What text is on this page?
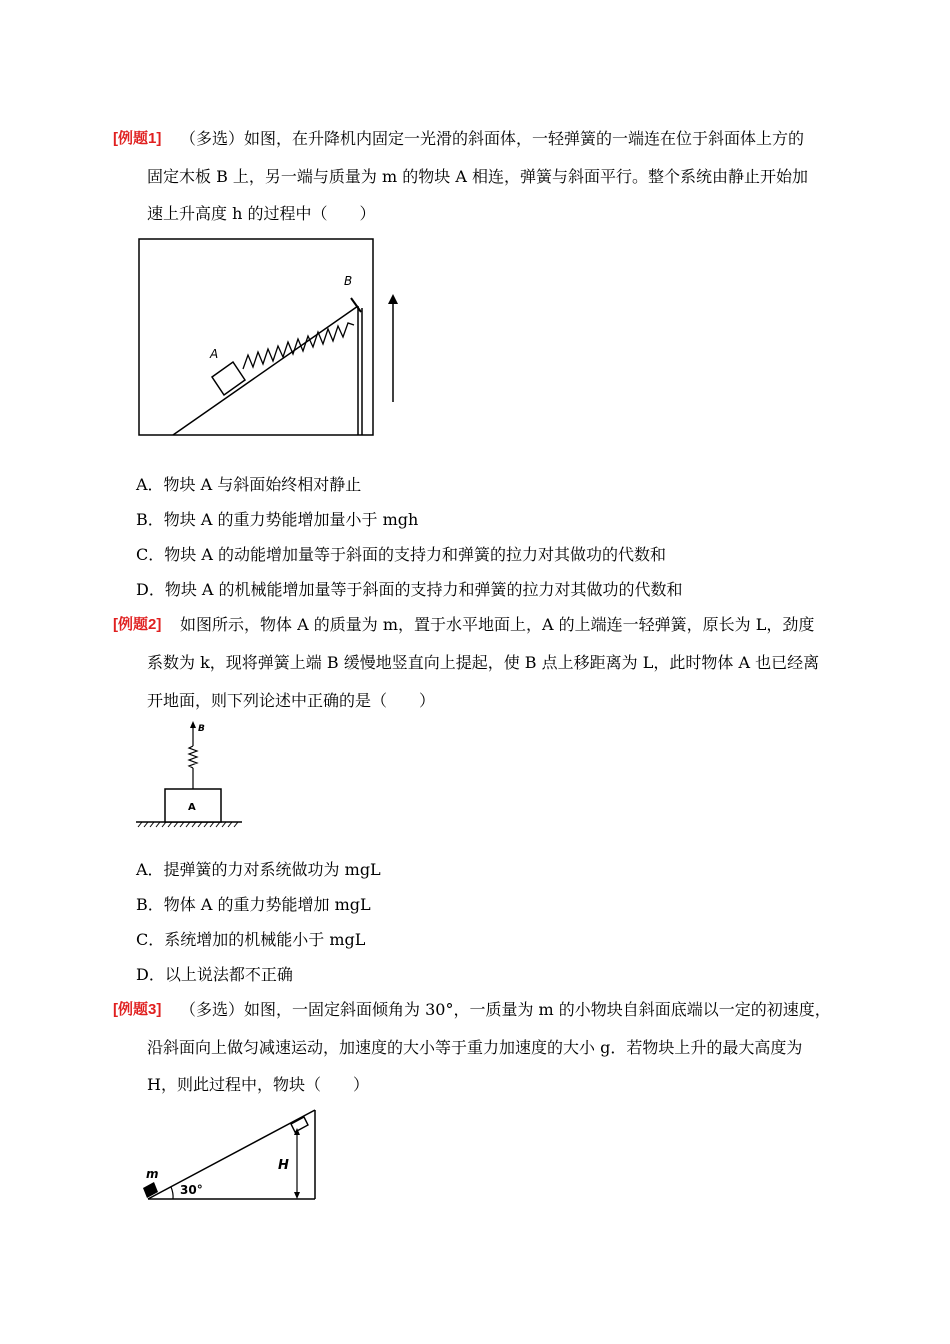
[例题1] （多选）如图，在升降机内固定一光滑的斜面体，一轻弹簧的一端连在位于斜面体上方的
固定木板 B 上，另一端与质量为 m 的物块 A 相连，弹簧与斜面平行。整个系统由静止开始加
速上升高度 h 的过程中（　　）
A
B
A．物块 A 与斜面始终相对静止
B．物块 A 的重力势能增加量小于 mgh
C．物块 A 的动能增加量等于斜面的支持力和弹簧的拉力对其做功的代数和
D．物块 A 的机械能增加量等于斜面的支持力和弹簧的拉力对其做功的代数和
[例题2] 如图所示，物体 A 的质量为 m，置于水平地面上，A 的上端连一轻弹簧，原长为 L，劲度
系数为 k，现将弹簧上端 B 缓慢地竖直向上提起，使 B 点上移距离为 L，此时物体 A 也已经离
开地面，则下列论述中正确的是（　　）
A
B
A．提弹簧的力对系统做功为 mgL
B．物体 A 的重力势能增加 mgL
C．系统增加的机械能小于 mgL
D．以上说法都不正确
[例题3] （多选）如图，一固定斜面倾角为 30°，一质量为 m 的小物块自斜面底端以一定的初速度，
沿斜面向上做匀减速运动，加速度的大小等于重力加速度的大小 g．若物块上升的最大高度为
H，则此过程中，物块（　　）
H
m
30°
